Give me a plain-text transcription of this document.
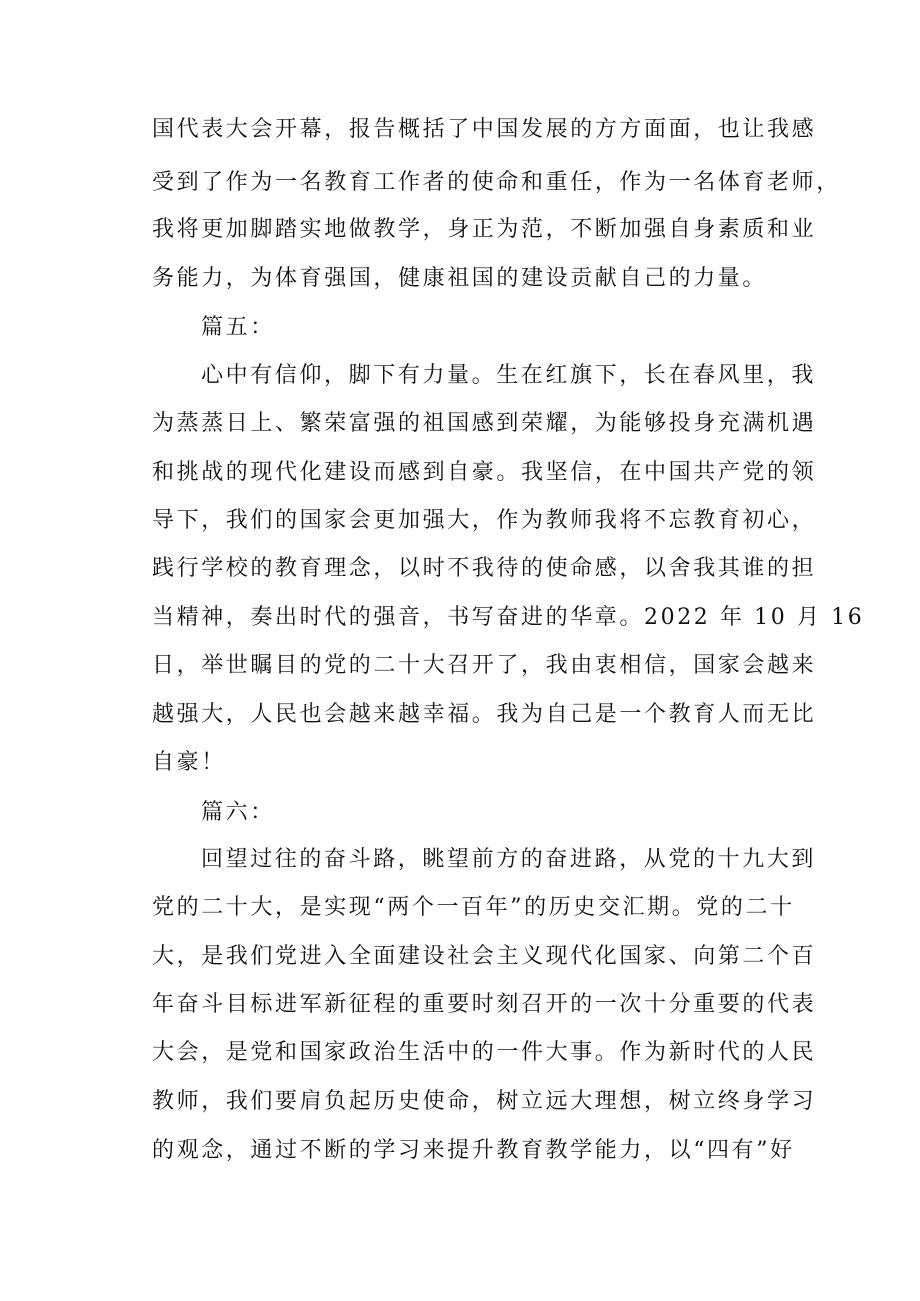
国代表大会开幕，报告概括了中国发展的方方面面，也让我感
受到了作为一名教育工作者的使命和重任，作为一名体育老师，
我将更加脚踏实地做教学，身正为范，不断加强自身素质和业
务能力，为体育强国，健康祖国的建设贡献自己的力量。
篇五：
心中有信仰，脚下有力量。生在红旗下，长在春风里，我
为蒸蒸日上、繁荣富强的祖国感到荣耀，为能够投身充满机遇
和挑战的现代化建设而感到自豪。我坚信，在中国共产党的领
导下，我们的国家会更加强大，作为教师我将不忘教育初心，
践行学校的教育理念，以时不我待的使命感，以舍我其谁的担
当精神，奏出时代的强音，书写奋进的华章。2022 年 10 月 16
日，举世瞩目的党的二十大召开了，我由衷相信，国家会越来
越强大，人民也会越来越幸福。我为自己是一个教育人而无比
自豪！
篇六：
回望过往的奋斗路，眺望前方的奋进路，从党的十九大到
党的二十大，是实现“两个一百年”的历史交汇期。党的二十
大，是我们党进入全面建设社会主义现代化国家、向第二个百
年奋斗目标进军新征程的重要时刻召开的一次十分重要的代表
大会，是党和国家政治生活中的一件大事。作为新时代的人民
教师，我们要肩负起历史使命，树立远大理想，树立终身学习
的观念，通过不断的学习来提升教育教学能力，以“四有”好
